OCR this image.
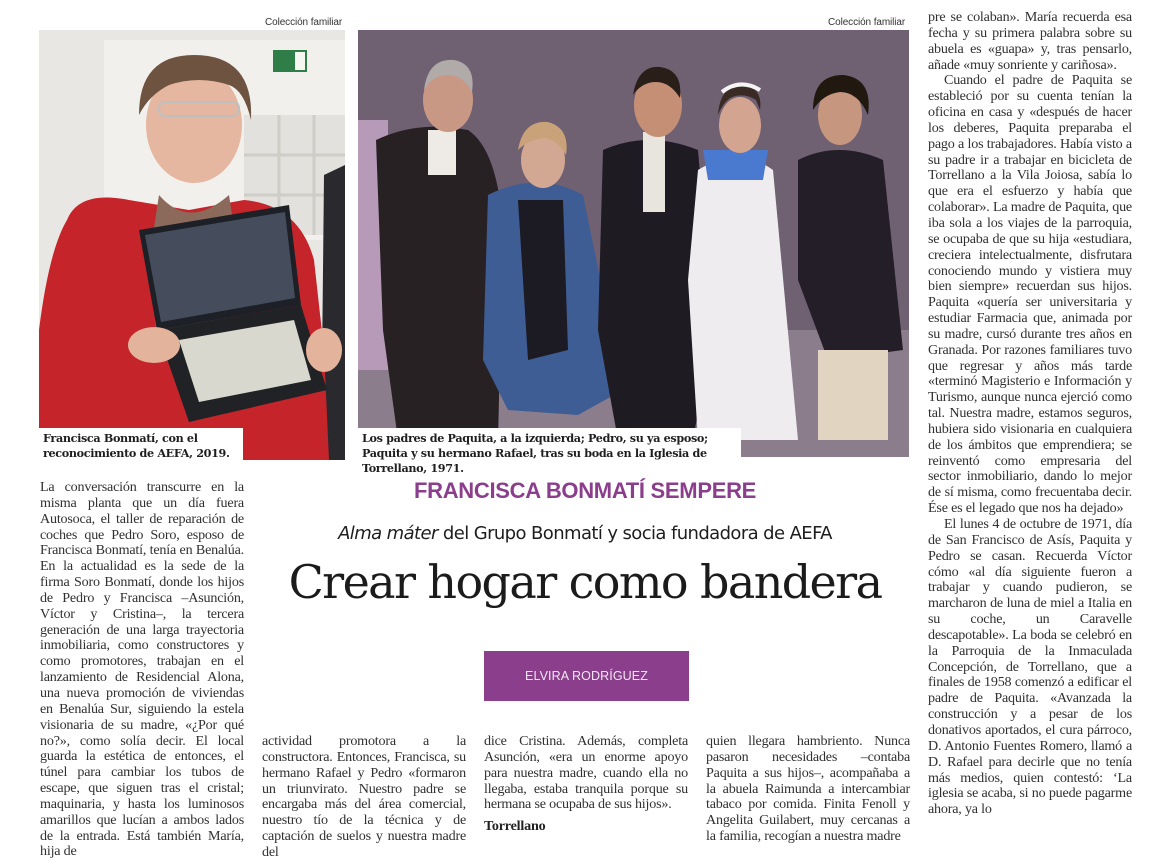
Colección familiar	Colección familiar
Francisca Bonmatí, con el reconocimiento de AEFA, 2019.
Los padres de Paquita, a la izquierda; Pedro, su ya esposo; Paquita y su hermano Rafael, tras su boda en la Iglesia de Torrellano, 1971.
FRANCISCA BONMATÍ SEMPERE
Alma máter del Grupo Bonmatí y socia fundadora de AEFA
Crear hogar como bandera
ELVIRA RODRÍGUEZ

La conversación transcurre en la misma planta que un día fuera Autosoca, el taller de reparación de coches que Pedro Soro, esposo de Francisca Bonmatí, tenía en Benalúa. En la actualidad es la sede de la firma Soro Bonmatí, donde los hijos de Pedro y Francisca –Asunción, Víctor y Cristina–, la tercera generación de una larga trayectoria inmobiliaria, como constructores y como promotores, trabajan en el lanzamiento de Residencial Alona, una nueva promoción de viviendas en Benalúa Sur, siguiendo la estela visionaria de su madre, «¿Por qué no?», como solía decir. El local guarda la estética de entonces, el túnel para cambiar los tubos de escape, que siguen tras el cristal; maquinaria, y hasta los luminosos amarillos que lucían a ambos lados de la entrada. Está también María, hija de

actividad promotora a la constructora. Entonces, Francisca, su hermano Rafael y Pedro «formaron un triunvirato. Nuestro padre se encargaba más del área comercial, nuestro tío de la técnica y de captación de suelos y nuestra madre del

dice Cristina. Además, completa Asunción, «era un enorme apoyo para nuestra madre, cuando ella no llegaba, estaba tranquila porque su hermana se ocupaba de sus hijos».

Torrellano

quien llegara hambriento. Nunca pasaron necesidades –contaba Paquita a sus hijos–, acompañaba a la abuela Raimunda a intercambiar tabaco por comida. Finita Fenoll y Angelita Guilabert, muy cercanas a la familia, recogían a nuestra madre

pre se colaban». María recuerda esa fecha y su primera palabra sobre su abuela es «guapa» y, tras pensarlo, añade «muy sonriente y cariñosa».

Cuando el padre de Paquita se estableció por su cuenta tenían la oficina en casa y «después de hacer los deberes, Paquita preparaba el pago a los trabajadores. Había visto a su padre ir a trabajar en bicicleta de Torrellano a la Vila Joiosa, sabía lo que era el esfuerzo y había que colaborar». La madre de Paquita, que iba sola a los viajes de la parroquia, se ocupaba de que su hija «estudiara, creciera intelectualmente, disfrutara conociendo mundo y vistiera muy bien siempre» recuerdan sus hijos. Paquita «quería ser universitaria y estudiar Farmacia que, animada por su madre, cursó durante tres años en Granada. Por razones familiares tuvo que regresar y años más tarde «terminó Magisterio e Información y Turismo, aunque nunca ejerció como tal. Nuestra madre, estamos seguros, hubiera sido visionaria en cualquiera de los ámbitos que emprendiera; se reinventó como empresaria del sector inmobiliario, dando lo mejor de sí misma, como frecuentaba decir. Ése es el legado que nos ha dejado»

El lunes 4 de octubre de 1971, día de San Francisco de Asís, Paquita y Pedro se casan. Recuerda Víctor cómo «al día siguiente fueron a trabajar y cuando pudieron, se marcharon de luna de miel a Italia en su coche, un Caravelle descapotable». La boda se celebró en la Parroquia de la Inmaculada Concepción, de Torrellano, que a finales de 1958 comenzó a edificar el padre de Paquita. «Avanzada la construcción y a pesar de los donativos aportados, el cura párroco, D. Antonio Fuentes Romero, llamó a D. Rafael para decirle que no tenía más medios, quien contestó: ‘La iglesia se acaba, si no puede pagarme ahora, ya lo
